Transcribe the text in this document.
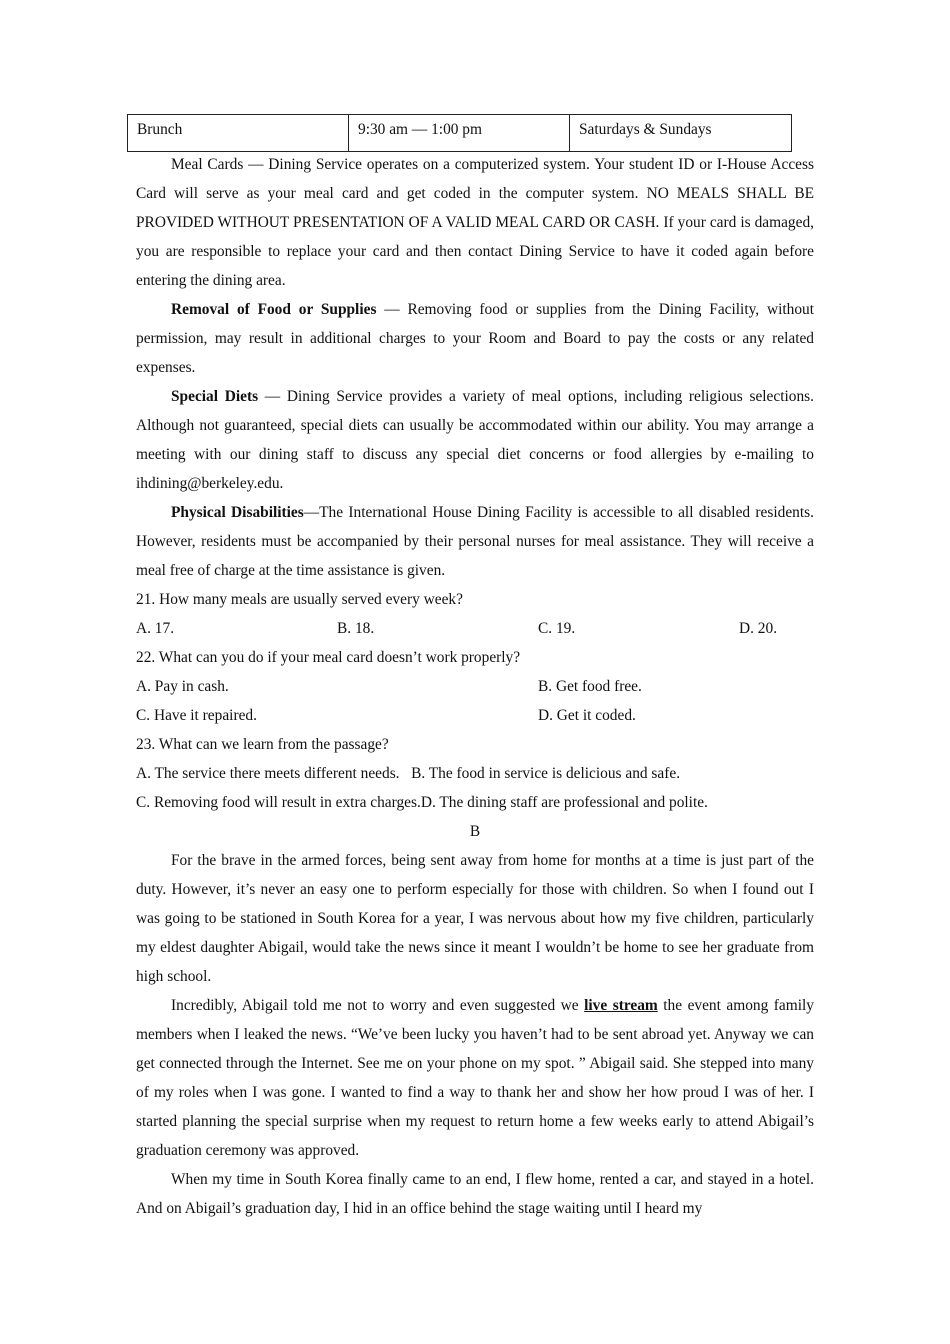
Brunch	9:30 am — 1:00 pm	Saturdays & Sundays

Meal Cards — Dining Service operates on a computerized system. Your student ID or I-House Access Card will serve as your meal card and get coded in the computer system. NO MEALS SHALL BE PROVIDED WITHOUT PRESENTATION OF A VALID MEAL CARD OR CASH. If your card is damaged, you are responsible to replace your card and then contact Dining Service to have it coded again before entering the dining area.

Removal of Food or Supplies — Removing food or supplies from the Dining Facility, without permission, may result in additional charges to your Room and Board to pay the costs or any related expenses.

Special Diets — Dining Service provides a variety of meal options, including religious selections. Although not guaranteed, special diets can usually be accommodated within our ability. You may arrange a meeting with our dining staff to discuss any special diet concerns or food allergies by e-mailing to ihdining@berkeley.edu.

Physical Disabilities—The International House Dining Facility is accessible to all disabled residents. However, residents must be accompanied by their personal nurses for meal assistance. They will receive a meal free of charge at the time assistance is given.

21. How many meals are usually served every week?

A. 17.	B. 18.	C. 19.	D. 20.

22. What can you do if your meal card doesn’t work properly?

A. Pay in cash.	B. Get food free.
C. Have it repaired.	D. Get it coded.

23. What can we learn from the passage?

A. The service there meets different needs. B. The food in service is delicious and safe.
C. Removing food will result in extra charges.D. The dining staff are professional and polite.

B

For the brave in the armed forces, being sent away from home for months at a time is just part of the duty. However, it’s never an easy one to perform especially for those with children. So when I found out I was going to be stationed in South Korea for a year, I was nervous about how my five children, particularly my eldest daughter Abigail, would take the news since it meant I wouldn’t be home to see her graduate from high school.

Incredibly, Abigail told me not to worry and even suggested we live stream the event among family members when I leaked the news. “We’ve been lucky you haven’t had to be sent abroad yet. Anyway we can get connected through the Internet. See me on your phone on my spot. ” Abigail said. She stepped into many of my roles when I was gone. I wanted to find a way to thank her and show her how proud I was of her. I started planning the special surprise when my request to return home a few weeks early to attend Abigail’s graduation ceremony was approved.

When my time in South Korea finally came to an end, I flew home, rented a car, and stayed in a hotel. And on Abigail’s graduation day, I hid in an office behind the stage waiting until I heard my
